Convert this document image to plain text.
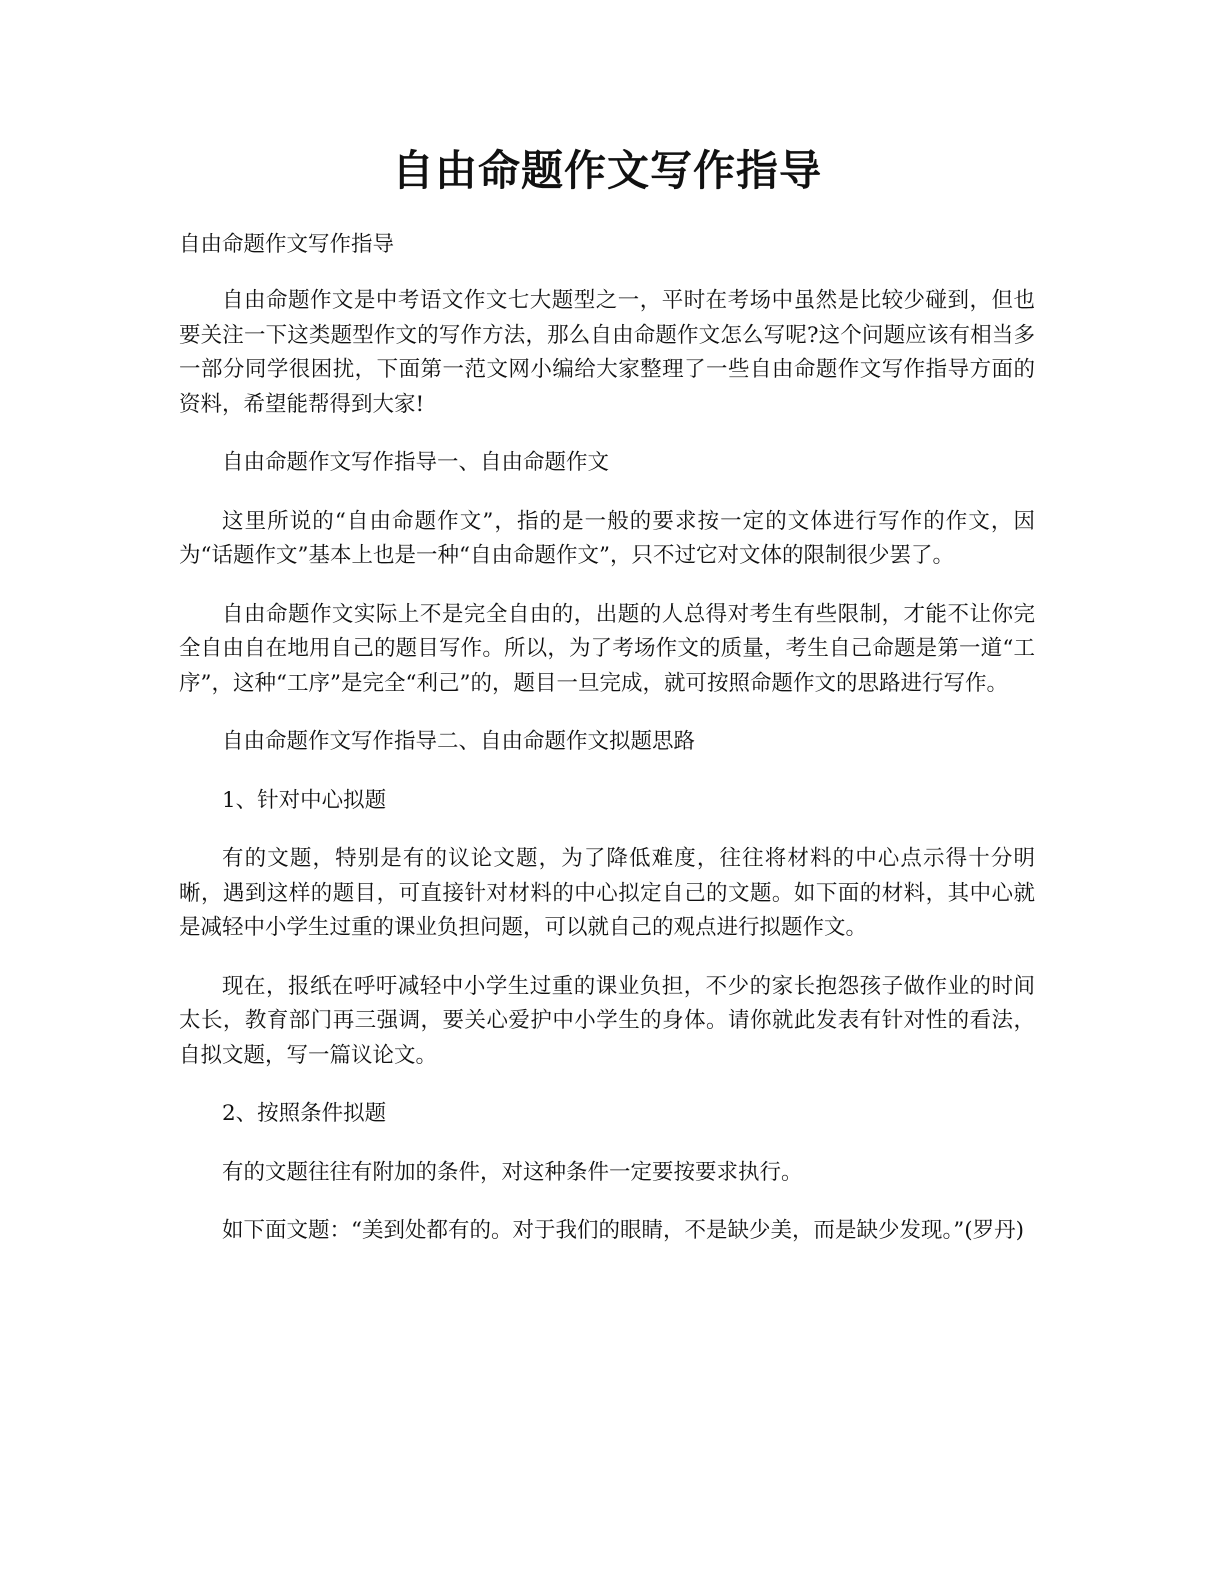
自由命题作文写作指导
自由命题作文写作指导

自由命题作文是中考语文作文七大题型之一，平时在考场中虽然是比较少碰到，但也要关注一下这类题型作文的写作方法，那么自由命题作文怎么写呢?这个问题应该有相当多一部分同学很困扰，下面第一范文网小编给大家整理了一些自由命题作文写作指导方面的资料，希望能帮得到大家!

自由命题作文写作指导一、自由命题作文

这里所说的“自由命题作文”，指的是一般的要求按一定的文体进行写作的作文，因为“话题作文”基本上也是一种“自由命题作文”，只不过它对文体的限制很少罢了。

自由命题作文实际上不是完全自由的，出题的人总得对考生有些限制，才能不让你完全自由自在地用自己的题目写作。所以，为了考场作文的质量，考生自己命题是第一道“工序”，这种“工序”是完全“利己”的，题目一旦完成，就可按照命题作文的思路进行写作。

自由命题作文写作指导二、自由命题作文拟题思路

1、针对中心拟题

有的文题，特别是有的议论文题，为了降低难度，往往将材料的中心点示得十分明晰，遇到这样的题目，可直接针对材料的中心拟定自己的文题。如下面的材料，其中心就是减轻中小学生过重的课业负担问题，可以就自己的观点进行拟题作文。

现在，报纸在呼吁减轻中小学生过重的课业负担，不少的家长抱怨孩子做作业的时间太长，教育部门再三强调，要关心爱护中小学生的身体。请你就此发表有针对性的看法，自拟文题，写一篇议论文。

2、按照条件拟题

有的文题往往有附加的条件，对这种条件一定要按要求执行。

如下面文题：“美到处都有的。对于我们的眼睛，不是缺少美，而是缺少发现。”(罗丹)
